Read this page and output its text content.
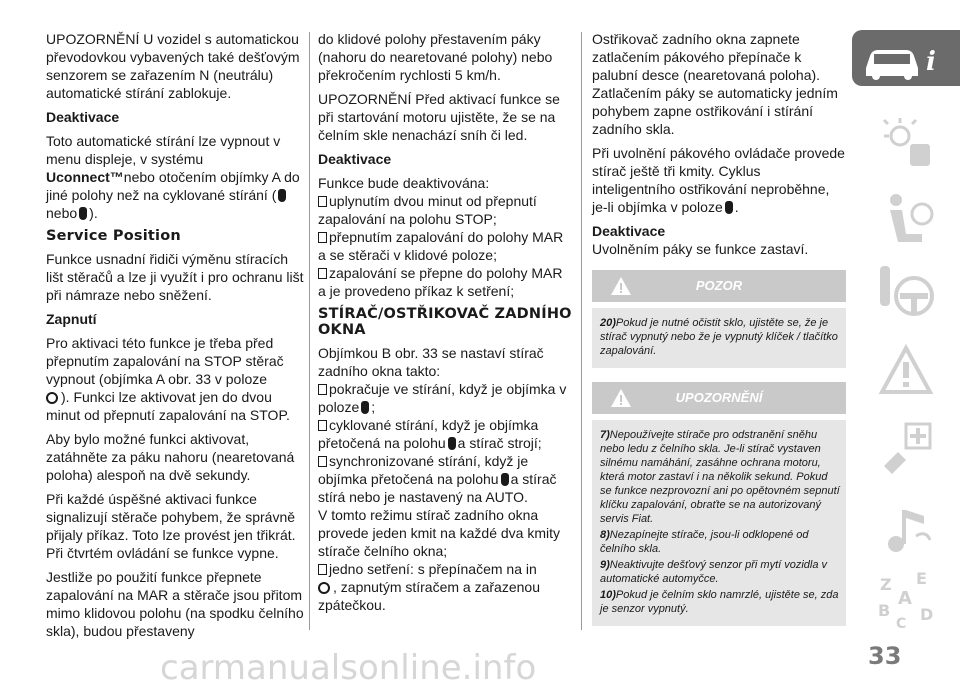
UPOZORNĚNÍ U vozidel s automatickou převodovkou vybavených také dešťovým senzorem se zařazením N (neutrálu) automatické stírání zablokuje.

Deaktivace

Toto automatické stírání lze vypnout v menu displeje, v systému Uconnect™nebo otočením objímky A do jiné polohy než na cyklované stírání (nebo ).

Service Position

Funkce usnadní řidiči výměnu stíracích lišt stěračů a lze ji využít i pro ochranu lišt při námraze nebo sněžení.

Zapnutí

Pro aktivaci této funkce je třeba před přepnutím zapalování na STOP stěrač vypnout (objímka A obr. 33 v poloze
). Funkci lze aktivovat jen do dvou minut od přepnutí zapalování na STOP.

Aby bylo možné funkci aktivovat, zatáhněte za páku nahoru (nearetovaná poloha) alespoň na dvě sekundy.

Při každé úspěšné aktivaci funkce signalizují stěrače pohybem, že správně přijaly příkaz. Toto lze provést jen třikrát. Při čtvrtém ovládání se funkce vypne.

Jestliže po použití funkce přepnete zapalování na MAR a stěrače jsou přitom mimo klidovou polohu (na spodku čelního skla), budou přestaveny

do klidové polohy přestavením páky (nahoru do nearetované polohy) nebo překročením rychlosti 5 km/h.

UPOZORNĚNÍ Před aktivací funkce se při startování motoru ujistěte, že se na čelním skle nenachází sníh či led.

Deaktivace

Funkce bude deaktivována:

uplynutím dvou minut od přepnutí zapalování na polohu STOP;

přepnutím zapalování do polohy MAR a se stěrači v klidové poloze;

zapalování se přepne do polohy MAR a je provedeno příkaz k setření;

STÍRAČ/OSTŘIKOVAČ ZADNÍHO OKNA

Objímkou B obr. 33 se nastaví stírač zadního okna takto:

pokračuje ve stírání, když je objímka v poloze ;

cyklované stírání, když je objímka přetočená na polohu a stírač strojí;

synchronizované stírání, když je objímka přetočená na polohu a stírač stírá nebo je nastavený na AUTO.

V tomto režimu stírač zadního okna provede jeden kmit na každé dva kmity stírače čelního okna;

jedno setření: s přepínačem na in
, zapnutým stíračem a zařazenou zpátečkou.

Ostřikovač zadního okna zapnete zatlačením pákového přepínače k palubní desce (nearetovaná poloha). Zatlačením páky se automaticky jedním pohybem zapne ostřikování i stírání zadního skla.

Při uvolnění pákového ovládače provede stírač ještě tři kmity. Cyklus inteligentního ostřikování neproběhne, je-li objímka v poloze .

Deaktivace

Uvolněním páky se funkce zastaví.

POZOR

20)Pokud je nutné očistit sklo, ujistěte se, že je stírač vypnutý nebo že je vypnutý klíček / tlačítko zapalování.

UPOZORNĚNÍ

7)Nepoužívejte stírače pro odstranění sněhu nebo ledu z čelního skla. Je-li stírač vystaven silnému namáhání, zasáhne ochrana motoru, která motor zastaví i na několik sekund. Pokud se funkce nezprovozní ani po opětovném sepnutí klíčku zapalování, obraťte se na autorizovaný servis Fiat.

8)Nezapínejte stírače, jsou-li odklopené od čelního skla.

9)Neaktivujte dešťový senzor při mytí vozidla v automatické automyčce.

10)Pokud je čelním sklo namrzlé, ujistěte se, zda je senzor vypnutý.

i
Z E
B D
C
A
33
carmanualsonline.info
